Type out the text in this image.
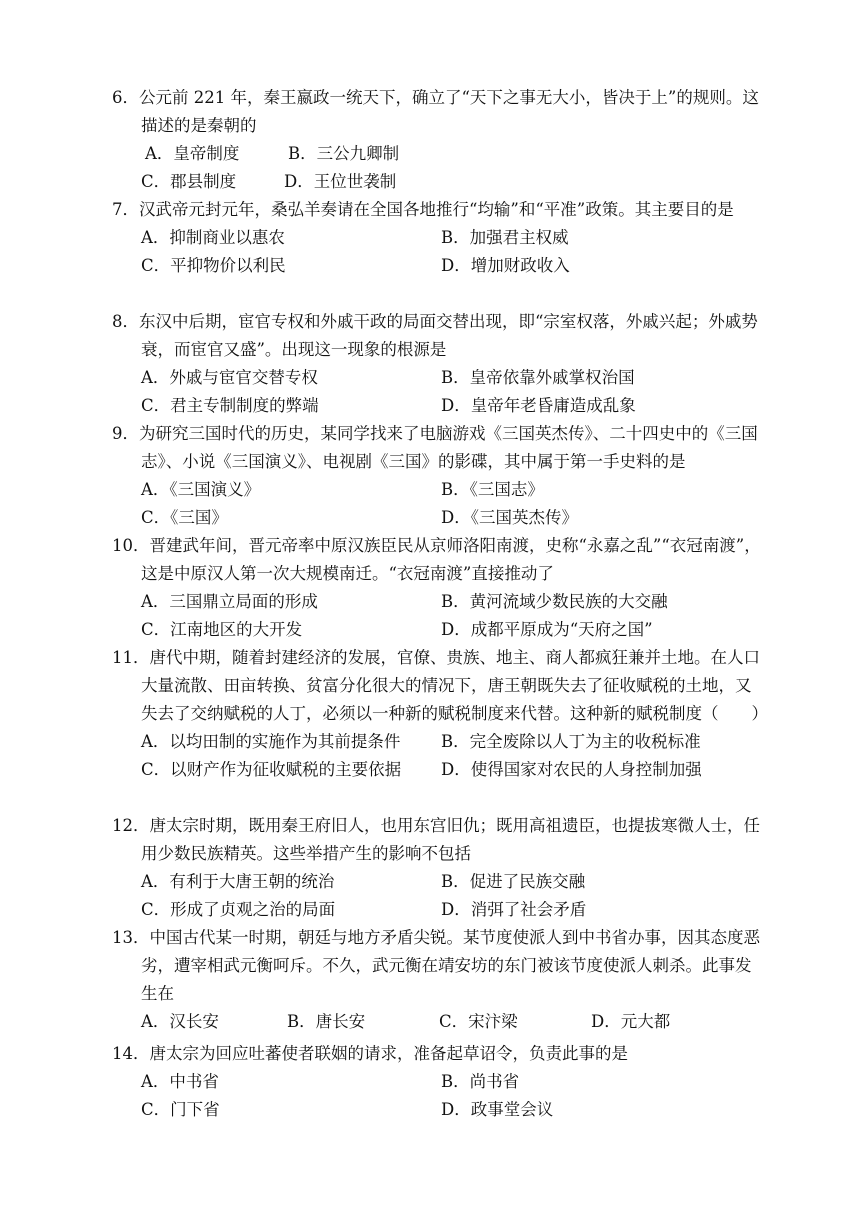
6．公元前 221 年，秦王嬴政一统天下，确立了“天下之事无大小，皆决于上”的规则。这描述的是秦朝的

A．皇帝制度	B．三公九卿制
C．郡县制度	D．王位世袭制

7．汉武帝元封元年，桑弘羊奏请在全国各地推行“均输”和“平准”政策。其主要目的是

A．抑制商业以惠农	B．加强君主权威
C．平抑物价以利民	D．增加财政收入

8．东汉中后期，宦官专权和外戚干政的局面交替出现，即“宗室权落，外戚兴起；外戚势衰，而宦官又盛”。出现这一现象的根源是

A．外戚与宦官交替专权	B．皇帝依靠外戚掌权治国
C．君主专制制度的弊端	D．皇帝年老昏庸造成乱象

9．为研究三国时代的历史，某同学找来了电脑游戏《三国英杰传》、二十四史中的《三国志》、小说《三国演义》、电视剧《三国》的影碟，其中属于第一手史料的是

A．《三国演义》	B．《三国志》
C．《三国》	D．《三国英杰传》

10．晋建武年间，晋元帝率中原汉族臣民从京师洛阳南渡，史称“永嘉之乱”“衣冠南渡”，这是中原汉人第一次大规模南迁。“衣冠南渡”直接推动了

A．三国鼎立局面的形成	B．黄河流域少数民族的大交融
C．江南地区的大开发	D．成都平原成为“天府之国”

11．唐代中期，随着封建经济的发展，官僚、贵族、地主、商人都疯狂兼并土地。在人口大量流散、田亩转换、贫富分化很大的情况下，唐王朝既失去了征收赋税的土地，又失去了交纳赋税的人丁，必须以一种新的赋税制度来代替。这种新的赋税制度（　　）

A．以均田制的实施作为其前提条件	B．完全废除以人丁为主的收税标准
C．以财产作为征收赋税的主要依据	D．使得国家对农民的人身控制加强

12．唐太宗时期，既用秦王府旧人，也用东宫旧仇；既用高祖遗臣，也提拔寒微人士，任用少数民族精英。这些举措产生的影响不包括

A．有利于大唐王朝的统治	B．促进了民族交融
C．形成了贞观之治的局面	D．消弭了社会矛盾

13．中国古代某一时期，朝廷与地方矛盾尖锐。某节度使派人到中书省办事，因其态度恶劣，遭宰相武元衡呵斥。不久，武元衡在靖安坊的东门被该节度使派人刺杀。此事发生在

A．汉长安	B．唐长安	C．宋汴梁	D．元大都

14．唐太宗为回应吐蕃使者联姻的请求，准备起草诏令，负责此事的是

A．中书省	B．尚书省
C．门下省	D．政事堂会议
